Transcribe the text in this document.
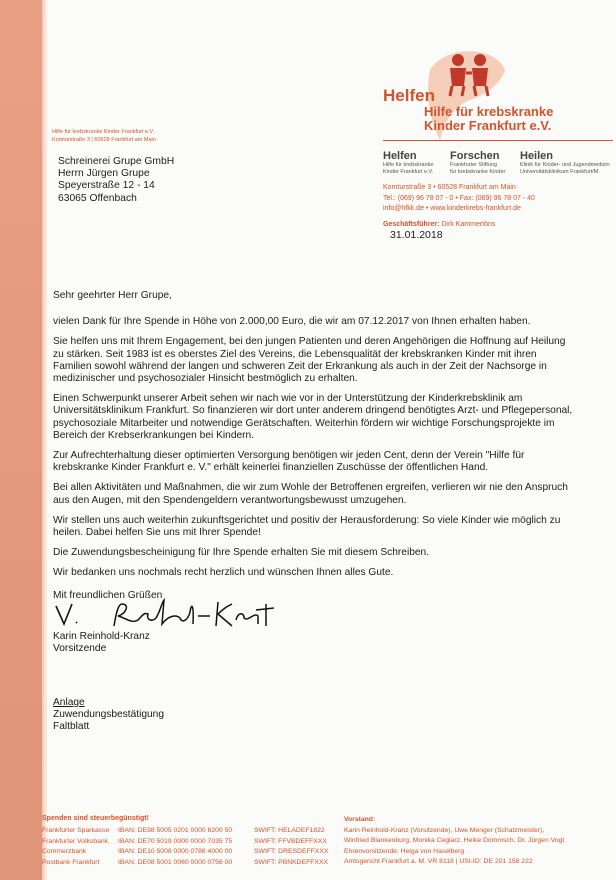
Helfen
Hilfe für krebskranke
Kinder Frankfurt e.V.
Hilfe für krebskranke Kinder Frankfurt e.V.
Komturstraße 3 | 60528 Frankfurt am Main
Schreinerei Grupe GmbH
Herrn Jürgen Grupe
Speyerstraße 12 - 14
63065 Offenbach
Helfen
Hilfe für krebskranke
Kinder Frankfurt e.V.
Forschen
Frankfurter Stiftung
für krebskranke Kinder
Heilen
Klinik für Kinder- und Jugendmedizin
Universitätsklinikum Frankfurt/M.
Komturstraße 3 • 60528 Frankfurt am Main
Tel.: (069) 96 78 07 - 0 • Fax: (069) 96 78 07 - 40
info@hfkk.de • www.kinderkrebs-frankfurt.de
Geschäftsführer: Dirk Kammertöns
31.01.2018

Sehr geehrter Herr Grupe,

vielen Dank für Ihre Spende in Höhe von 2.000,00 Euro, die wir am 07.12.2017 von Ihnen erhalten haben.

Sie helfen uns mit Ihrem Engagement, bei den jungen Patienten und deren Angehörigen die Hoffnung auf Heilung zu stärken. Seit 1983 ist es oberstes Ziel des Vereins, die Lebensqualität der krebskranken Kinder mit ihren Familien sowohl während der langen und schweren Zeit der Erkrankung als auch in der Zeit der Nachsorge in medizinischer und psychosozialer Hinsicht bestmöglich zu erhalten.

Einen Schwerpunkt unserer Arbeit sehen wir nach wie vor in der Unterstützung der Kinderkrebsklinik am Universitätsklinikum Frankfurt. So finanzieren wir dort unter anderem dringend benötigtes Arzt- und Pflegepersonal, psychosoziale Mitarbeiter und notwendige Gerätschaften. Weiterhin fördern wir wichtige Forschungsprojekte im Bereich der Krebserkrankungen bei Kindern.

Zur Aufrechterhaltung dieser optimierten Versorgung benötigen wir jeden Cent, denn der Verein "Hilfe für krebskranke Kinder Frankfurt e. V." erhält keinerlei finanziellen Zuschüsse der öffentlichen Hand.

Bei allen Aktivitäten und Maßnahmen, die wir zum Wohle der Betroffenen ergreifen, verlieren wir nie den Anspruch aus den Augen, mit den Spendengeldern verantwortungsbewusst umzugehen.

Wir stellen uns auch weiterhin zukunftsgerichtet und positiv der Herausforderung: So viele Kinder wie möglich zu heilen. Dabei helfen Sie uns mit Ihrer Spende!

Die Zuwendungsbescheinigung für Ihre Spende erhalten Sie mit diesem Schreiben.

Wir bedanken uns nochmals recht herzlich und wünschen Ihnen alles Gute.

Mit freundlichen Grüßen

Karin Reinhold-Kranz
Vorsitzende
Anlage
Zuwendungsbestätigung
Faltblatt
Spenden sind steuerbegünstigt!
Frankfurter Sparkasse IBAN: DE98 5005 0201 0000 6200 50	SWIFT: HELADEF1822
Frankfurter Volksbank IBAN: DE70 5019 0000 0000 7035 75	SWIFT: FFVBDEFFXXX
Commerzbank	IBAN: DE10 5008 0000 0786 4000 00	SWIFT: DRESDEFFXXX
Postbank Frankfurt	IBAN: DE08 5001 0060 0000 0756 00	SWIFT: PBNKDEFFXXX
Vorstand:
Karin Reinhold-Kranz (Vorsitzende), Uwe Menger (Schatzmeister),
Winfried Blankenburg, Monika Ceglarz, Heike Dommsch, Dr. Jürgen Vogt
Ehrenvorsitzende: Helga von Haselberg
Amtsgericht Frankfurt a. M. VR 8118 | USt-ID: DE 201 158 222
